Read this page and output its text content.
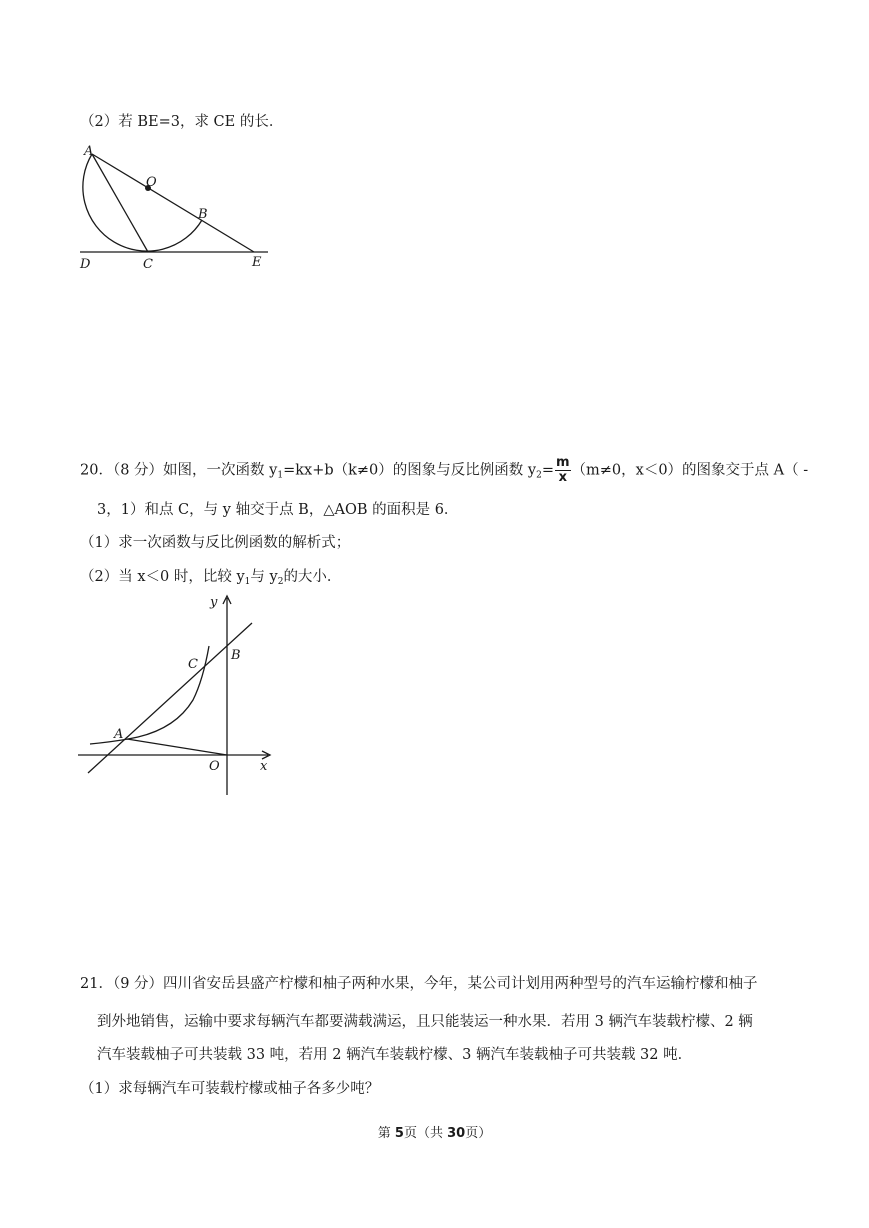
（2）若 BE=3，求 CE 的长．
A
O
B
D	C	E
20．（8 分）如图，一次函数 $y_1=kx+b(k\ne 0)$的图象与反比例函数 $y_2= \frac{m}{x} (m\ne 0$，x＜0）的图象交于点 A（ -
3，1）和点 C，与 y 轴交于点 B，△AOB 的面积是 6．
（1）求一次函数与反比例函数的解析式；
（2）当 x＜0 时，比较 $y_1$与 $y_2$的大小．
y
x
O
A
B
C
21．（9 分）四川省安岳县盛产柠檬和柚子两种水果，今年，某公司计划用两种型号的汽车运输柠檬和柚子
到外地销售，运输中要求每辆汽车都要满载满运，且只能装运一种水果．若用 3 辆汽车装载柠檬、2 辆
汽车装载柚子可共装载 33 吨，若用 2 辆汽车装载柠檬、3 辆汽车装载柚子可共装载 32 吨．
（1）求每辆汽车可装载柠檬或柚子各多少吨？
第 5页（共 30页）
